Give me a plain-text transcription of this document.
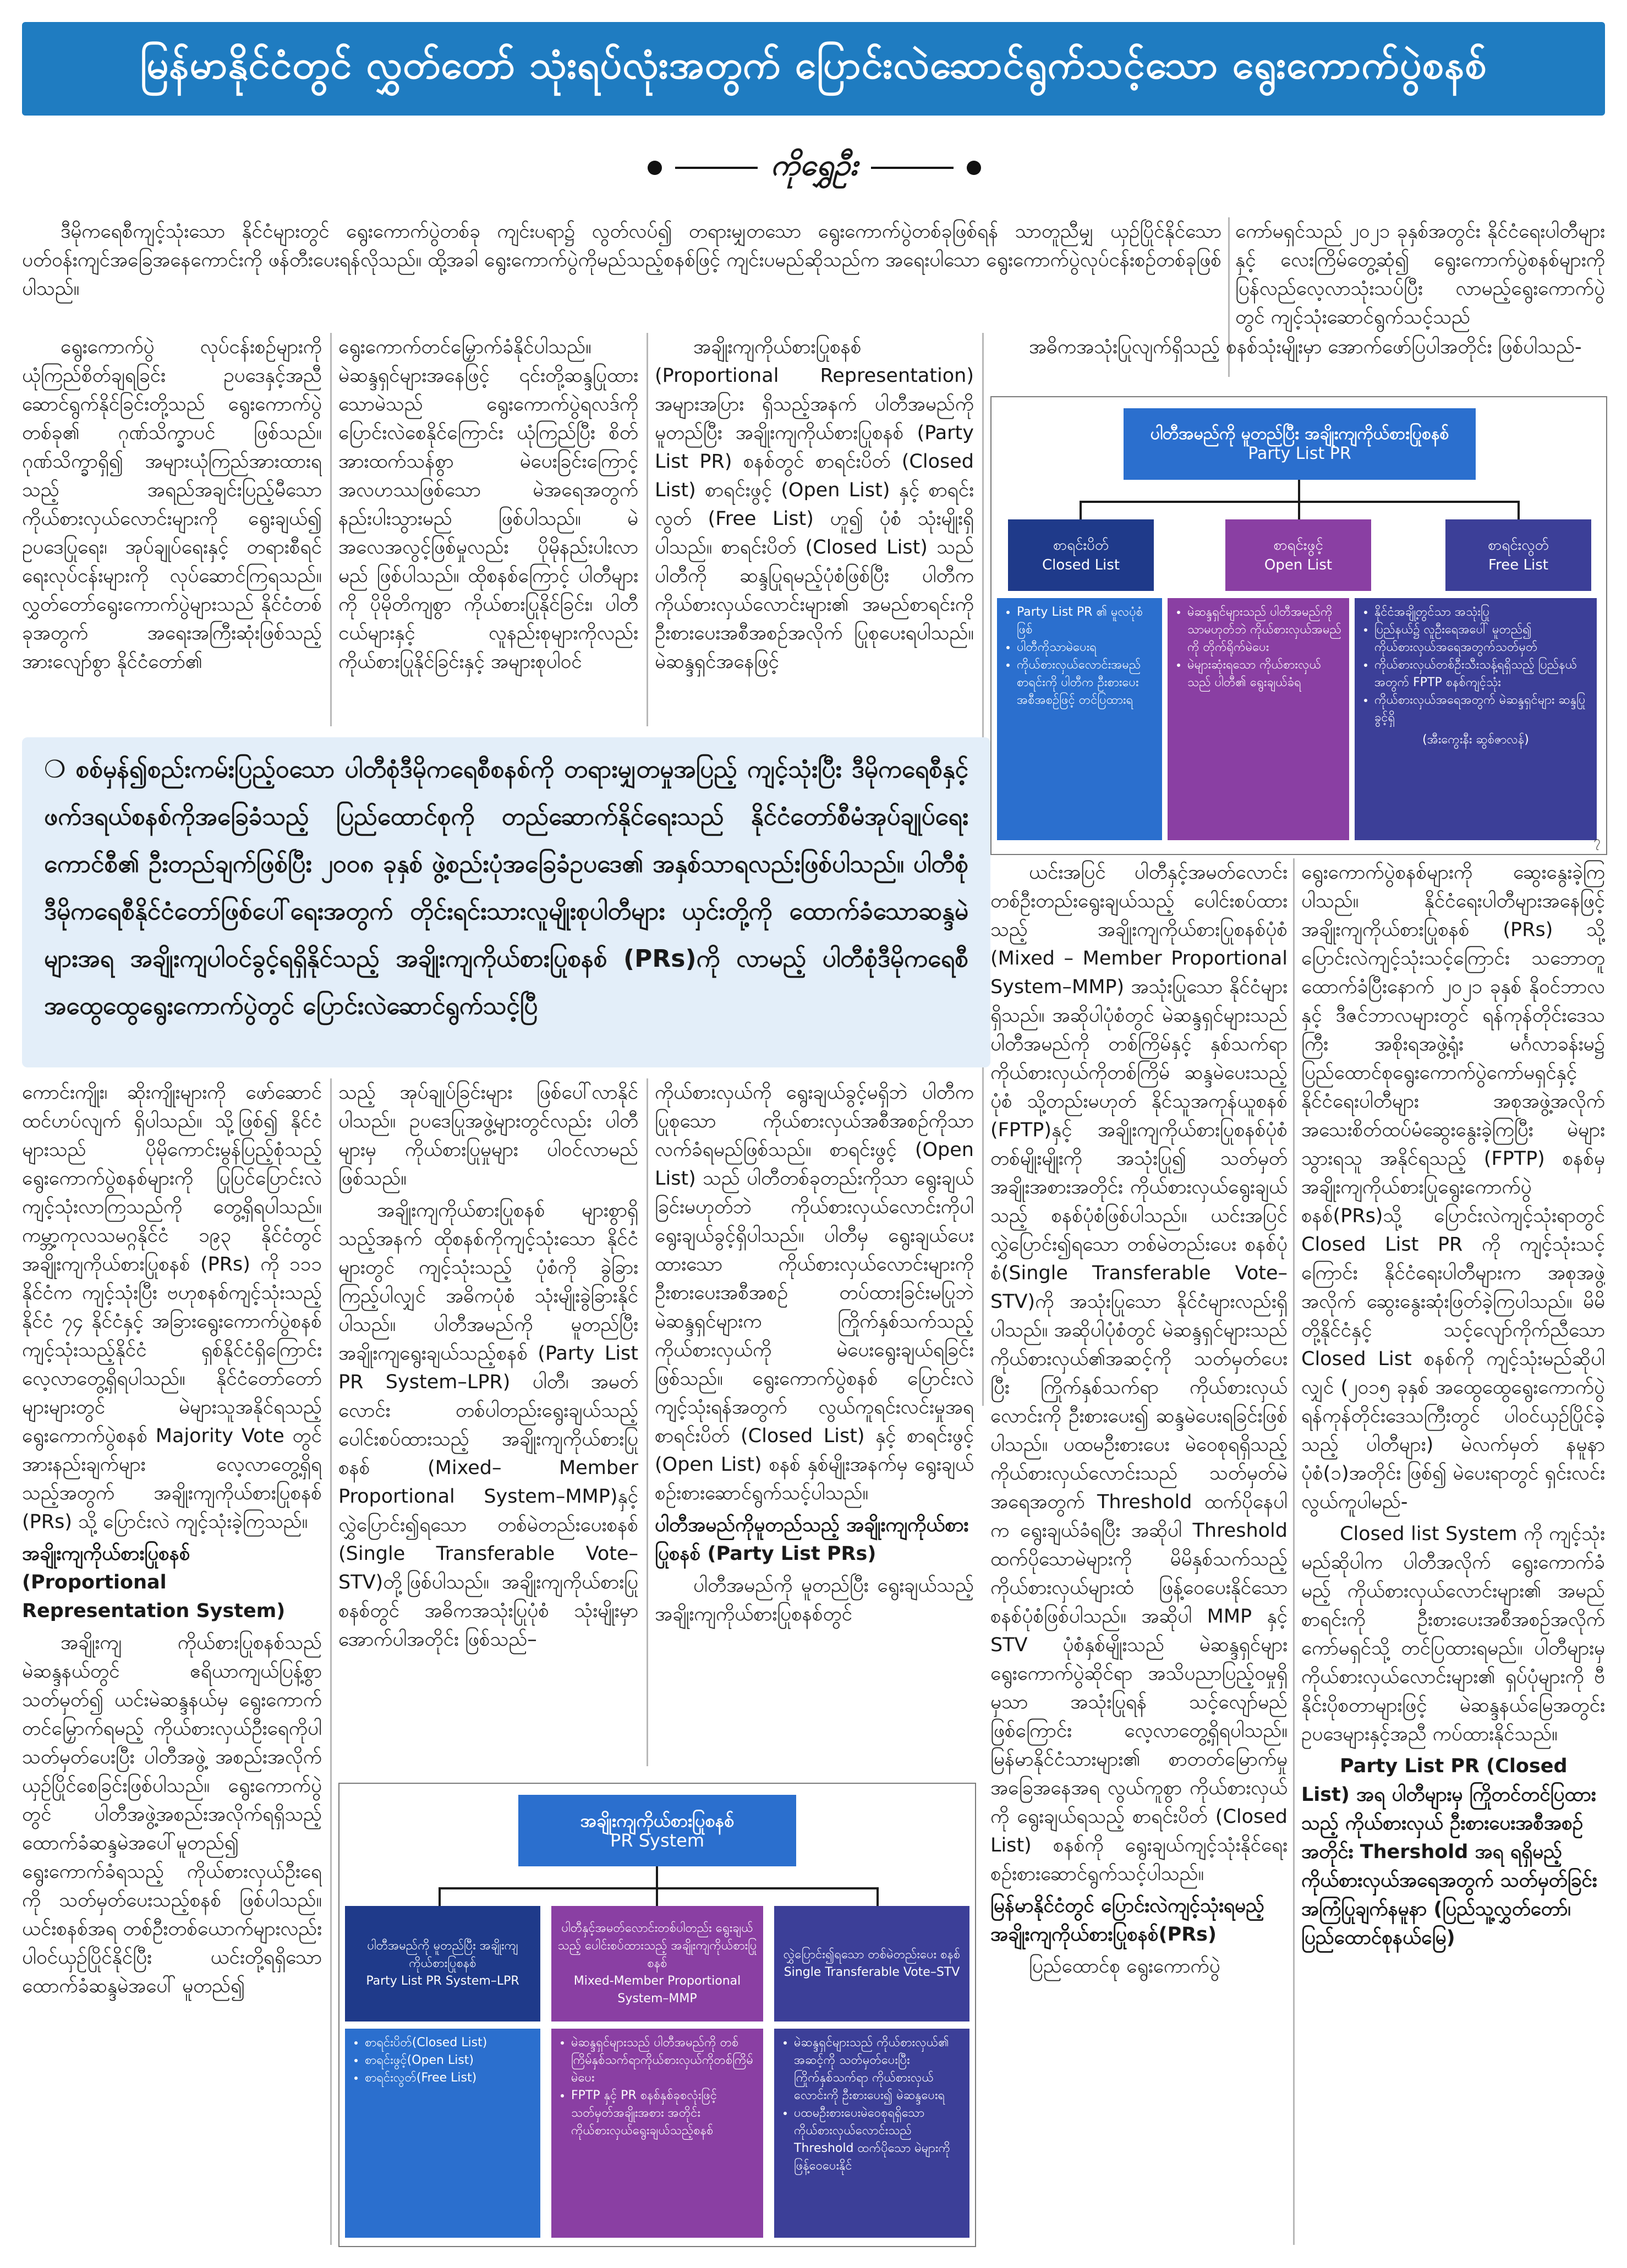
မြန်မာနိုင်ငံတွင် လွှတ်တော် သုံးရပ်လုံးအတွက် ပြောင်းလဲဆောင်ရွက်သင့်သော ရွေးကောက်ပွဲစနစ်
ကိုရွှေဦး

ဒီမိုကရေစီကျင့်သုံးသော နိုင်ငံများတွင် ရွေးကောက်ပွဲတစ်ခု ကျင်းပရာ၌ လွတ်လပ်၍ တရားမျှတသော ရွေးကောက်ပွဲတစ်ခုဖြစ်ရန် သာတူညီမျှ ယှဉ်ပြိုင်နိုင်သော ပတ်ဝန်းကျင်အခြေအနေကောင်းကို ဖန်တီးပေးရန်လိုသည်။ ထို့အခါ ရွေးကောက်ပွဲကိုမည်သည့်စနစ်ဖြင့် ကျင်းပမည်ဆိုသည်က အရေးပါသော ရွေးကောက်ပွဲလုပ်ငန်းစဉ်တစ်ခုဖြစ်ပါသည်။

ကော်မရှင်သည် ၂၀၂၁ ခုနှစ်အတွင်း နိုင်ငံရေးပါတီများနှင့် လေးကြိမ်တွေ့ဆုံ၍ ရွေးကောက်ပွဲစနစ်များကို ပြန်လည်လေ့လာသုံးသပ်ပြီး လာမည့်ရွေးကောက်ပွဲတွင် ကျင့်သုံးဆောင်ရွက်သင့်သည်

ရွေးကောက်ပွဲ လုပ်ငန်းစဉ်များကို ယုံကြည်စိတ်ချရခြင်း ဥပဒေနှင့်အညီ ဆောင်ရွက်နိုင်ခြင်းတို့သည် ရွေးကောက်ပွဲတစ်ခု၏ ဂုဏ်သိက္ခာပင် ဖြစ်သည်။ ဂုဏ်သိက္ခာရှိ၍ အများယုံကြည်အားထားရသည့် အရည်အချင်းပြည့်မီသော ကိုယ်စားလှယ်လောင်းများကို ရွေးချယ်၍ ဥပဒေပြုရေး၊ အုပ်ချုပ်ရေးနှင့် တရားစီရင်ရေးလုပ်ငန်းများကို လုပ်ဆောင်ကြရသည်။ လွှတ်တော်ရွေးကောက်ပွဲများသည် နိုင်ငံတစ်ခုအတွက် အရေးအကြီးဆုံးဖြစ်သည့်အားလျော်စွာ နိုင်ငံတော်၏

ရွေးကောက်တင်မြှောက်ခံနိုင်ပါသည်။ မဲဆန္ဒရှင်များအနေဖြင့် ၎င်းတို့ဆန္ဒပြုထားသောမဲသည် ရွေးကောက်ပွဲရလဒ်ကို ပြောင်းလဲစေနိုင်ကြောင်း ယုံကြည်ပြီး စိတ်အားထက်သန်စွာ မဲပေးခြင်းကြောင့် အလဟဿဖြစ်သော မဲအရေအတွက် နည်းပါးသွားမည် ဖြစ်ပါသည်။ မဲအလေအလွင့်ဖြစ်မှုလည်း ပိုမိုနည်းပါးလာမည် ဖြစ်ပါသည်။ ထိုစနစ်ကြောင့် ပါတီများကို ပိုမိုတိကျစွာ ကိုယ်စားပြုနိုင်ခြင်း၊ ပါတီငယ်များနှင့် လူနည်းစုများကိုလည်း ကိုယ်စားပြုနိုင်ခြင်းနှင့် အများစုပါဝင်

အချိုးကျကိုယ်စားပြုစနစ် (Proportional Representation) အများအပြား ရှိသည့်အနက် ပါတီအမည်ကို မူတည်ပြီး အချိုးကျကိုယ်စားပြုစနစ် (Party List PR) စနစ်တွင် စာရင်းပိတ် (Closed List) စာရင်းဖွင့် (Open List) နှင့် စာရင်းလွတ် (Free List) ဟူ၍ ပုံစံ သုံးမျိုးရှိပါသည်။ စာရင်းပိတ် (Closed List) သည် ပါတီကို ဆန္ဒပြုရမည့်ပုံစံဖြစ်ပြီး ပါတီက ကိုယ်စားလှယ်လောင်းများ၏ အမည်စာရင်းကို ဦးစားပေးအစီအစဉ်အလိုက် ပြုစုပေးရပါသည်။ မဲဆန္ဒရှင်အနေဖြင့်

အဓိကအသုံးပြုလျက်ရှိသည့် စနစ်သုံးမျိုးမှာ အောက်ဖော်ပြပါအတိုင်း ဖြစ်ပါသည်-

ပါတီအမည်ကို မူတည်ပြီး အချိုးကျကိုယ်စားပြုစနစ်
Party List PR
စာရင်းပိတ်
Closed List
စာရင်းဖွင့်
Open List
စာရင်းလွတ်
Free List
• Party List PR ၏ မူလပုံစံဖြစ်
• ပါတီကိုသာမဲပေးရ
• ကိုယ်စားလှယ်လောင်းအမည်စာရင်းကို ပါတီက ဦးစားပေးအစီအစဉ်ဖြင့် တင်ပြထားရ
• မဲဆန္ဒရှင်များသည် ပါတီအမည်ကိုသာမဟုတ်ဘဲ ကိုယ်စားလှယ်အမည်ကို တိုက်ရိုက်မဲပေး
• မဲများဆုံးရသော ကိုယ်စားလှယ်သည် ပါတီ၏ ရွေးချယ်ခံရ
• နိုင်ငံအချို့တွင်သာ အသုံးပြု
• ပြည်နယ်၌ လူဦးရေအပေါ် မူတည်၍ ကိုယ်စားလှယ်အရေအတွက်သတ်မှတ်
• ကိုယ်စားလှယ်တစ်ဦးသီးသန့်ရရှိသည့် ပြည်နယ်အတွက် FPTP စနစ်ကျင့်သုံး
• ကိုယ်စားလှယ်အရေအတွက် မဲဆန္ဒရှင်များ ဆန္ဒပြုခွင့်ရှိ
(အီးကွေးနီး ဆွစ်ဇာလန်)
၇
❍ စစ်မှန်၍စည်းကမ်းပြည့်ဝသော ပါတီစုံဒီမိုကရေစီစနစ်ကို တရားမျှတမှုအပြည့် ကျင့်သုံးပြီး ဒီမိုကရေစီနှင့် ဖက်ဒရယ်စနစ်ကိုအခြေခံသည့် ပြည်ထောင်စုကို တည်ဆောက်နိုင်ရေးသည် နိုင်ငံတော်စီမံအုပ်ချုပ်ရေးကောင်စီ၏ ဦးတည်ချက်ဖြစ်ပြီး ၂၀၀၈ ခုနှစ် ဖွဲ့စည်းပုံအခြေခံဥပဒေ၏ အနှစ်သာရလည်းဖြစ်ပါသည်။ ပါတီစုံ ဒီမိုကရေစီနိုင်ငံတော်ဖြစ်ပေါ်ရေးအတွက် တိုင်းရင်းသားလူမျိုးစုပါတီများ ယှင်းတို့ကို ထောက်ခံသောဆန္ဒမဲများအရ အချိုးကျပါဝင်ခွင့်ရရှိနိုင်သည့် အချိုးကျကိုယ်စားပြုစနစ် (PRs)ကို လာမည့် ပါတီစုံဒီမိုကရေစီအထွေထွေရွေးကောက်ပွဲတွင် ပြောင်းလဲဆောင်ရွက်သင့်ပြီ

ယင်းအပြင် ပါတီနှင့်အမတ်လောင်းတစ်ဦးတည်းရွေးချယ်သည့် ပေါင်းစပ်ထားသည့် အချိုးကျကိုယ်စားပြုစနစ်ပုံစံ (Mixed – Member Proportional System–MMP) အသုံးပြုသော နိုင်ငံများရှိသည်။ အဆိုပါပုံစံတွင် မဲဆန္ဒရှင်များသည် ပါတီအမည်ကို တစ်ကြိမ်နှင့် နှစ်သက်ရာ ကိုယ်စားလှယ်ကိုတစ်ကြိမ် ဆန္ဒမဲပေးသည့်ပုံစံ သို့တည်းမဟုတ် နိုင်သူအကုန်ယူစနစ် (FPTP)နှင့် အချိုးကျကိုယ်စားပြုစနစ်ပုံစံ တစ်မျိုးမျိုးကို အသုံးပြု၍ သတ်မှတ်အချိုးအစားအတိုင်း ကိုယ်စားလှယ်ရွေးချယ်သည့် စနစ်ပုံစံဖြစ်ပါသည်။ ယင်းအပြင် လွှဲပြောင်း၍ရသော တစ်မဲတည်းပေး စနစ်ပုံစံ(Single Transferable Vote–STV)ကို အသုံးပြုသော နိုင်ငံများလည်းရှိပါသည်။ အဆိုပါပုံစံတွင် မဲဆန္ဒရှင်များသည် ကိုယ်စားလှယ်၏အဆင့်ကို သတ်မှတ်ပေးပြီး ကြိုက်နှစ်သက်ရာ ကိုယ်စားလှယ်လောင်းကို ဦးစားပေး၍ ဆန္ဒမဲပေးရခြင်းဖြစ်ပါသည်။ ပထမဦးစားပေး မဲဝေစုရရှိသည့် ကိုယ်စားလှယ်လောင်းသည် သတ်မှတ်မဲအရေအတွက် Threshold ထက်ပိုနေပါက ရွေးချယ်ခံရပြီး အဆိုပါ Threshold ထက်ပိုသောမဲများကို မိမိနှစ်သက်သည့် ကိုယ်စားလှယ်များထံ ဖြန့်ဝေပေးနိုင်သော စနစ်ပုံစံဖြစ်ပါသည်။ အဆိုပါ MMP နှင့် STV ပုံစံနှစ်မျိုးသည် မဲဆန္ဒရှင်များ ရွေးကောက်ပွဲဆိုင်ရာ အသိပညာပြည့်ဝမှုရှိမှသာ အသုံးပြုရန် သင့်လျော်မည်ဖြစ်ကြောင်း လေ့လာတွေ့ရှိရပါသည်။ မြန်မာနိုင်ငံသားများ၏ စာတတ်မြောက်မှုအခြေအနေအရ လွယ်ကူစွာ ကိုယ်စားလှယ်ကို ရွေးချယ်ရသည့် စာရင်းပိတ် (Closed List) စနစ်ကို ရွေးချယ်ကျင့်သုံးနိုင်ရေး စဉ်းစားဆောင်ရွက်သင့်ပါသည်။

မြန်မာနိုင်ငံတွင် ပြောင်းလဲကျင့်သုံးရမည့် အချိုးကျကိုယ်စားပြုစနစ်(PRs)

ပြည်ထောင်စု ရွေးကောက်ပွဲ

ရွေးကောက်ပွဲစနစ်များကို ဆွေးနွေးခဲ့ကြပါသည်။ နိုင်ငံရေးပါတီများအနေဖြင့် အချိုးကျကိုယ်စားပြုစနစ် (PRs) သို့ ပြောင်းလဲကျင့်သုံးသင့်ကြောင်း သဘောတူထောက်ခံပြီးနောက် ၂၀၂၁ ခုနှစ် နိုဝင်ဘာလနှင့် ဒီဇင်ဘာလများတွင် ရန်ကုန်တိုင်းဒေသကြီး အစိုးရအဖွဲ့ရုံး မင်္ဂလာခန်းမ၌ ပြည်ထောင်စုရွေးကောက်ပွဲကော်မရှင်နှင့် နိုင်ငံရေးပါတီများ အစုအဖွဲ့အလိုက် အသေးစိတ်ထပ်မံဆွေးနွေးခဲ့ကြပြီး မဲများသွားရသူ အနိုင်ရသည့် (FPTP) စနစ်မှ အချိုးကျကိုယ်စားပြုရွေးကောက်ပွဲစနစ်(PRs)သို့ ပြောင်းလဲကျင့်သုံးရာတွင် Closed List PR ကို ကျင့်သုံးသင့်ကြောင်း နိုင်ငံရေးပါတီများက အစုအဖွဲ့အလိုက် ဆွေးနွေးဆုံးဖြတ်ခဲ့ကြပါသည်။ မိမိတို့နိုင်ငံနှင့် သင့်လျော်ကိုက်ညီသော Closed List စနစ်ကို ကျင့်သုံးမည်ဆိုပါလျှင် (၂၀၁၅ ခုနှစ် အထွေထွေရွေးကောက်ပွဲ ရန်ကုန်တိုင်းဒေသကြီးတွင် ပါဝင်ယှဉ်ပြိုင်ခဲ့သည့် ပါတီများ) မဲလက်မှတ် နမူနာပုံစံ(၁)အတိုင်း ဖြစ်၍ မဲပေးရာတွင် ရှင်းလင်းလွယ်ကူပါမည်-

Closed list System ကို ကျင့်သုံးမည်ဆိုပါက ပါတီအလိုက် ရွေးကောက်ခံမည့် ကိုယ်စားလှယ်လောင်းများ၏ အမည်စာရင်းကို ဦးစားပေးအစီအစဉ်အလိုက် ကော်မရှင်သို့ တင်ပြထားရမည်။ ပါတီများမှ ကိုယ်စားလှယ်လောင်းများ၏ ရှပ်ပုံများကို ဗီနိုင်းပိုစတာများဖြင့် မဲဆန္ဒနယ်မြေအတွင်း ဥပဒေများနှင့်အညီ ကပ်ထားနိုင်သည်။

Party List PR (Closed List) အရ ပါတီများမှ ကြိုတင်တင်ပြထားသည့် ကိုယ်စားလှယ် ဦးစားပေးအစီအစဉ်အတိုင်း Thershold အရ ရရှိမည့် ကိုယ်စားလှယ်အရေအတွက် သတ်မှတ်ခြင်း အကြံပြုချက်နမူနာ (ပြည်သူ့လွှတ်တော်၊ ပြည်ထောင်စုနယ်မြေ)

ကောင်းကျိုး၊ ဆိုးကျိုးများကို ဖော်ဆောင်ထင်ဟပ်လျက် ရှိပါသည်။ သို့ဖြစ်၍ နိုင်ငံများသည် ပိုမိုကောင်းမွန်ပြည့်စုံသည့် ရွေးကောက်ပွဲစနစ်များကို ပြုပြင်ပြောင်းလဲကျင့်သုံးလာကြသည်ကို တွေ့ရှိရပါသည်။ ကမ္ဘာ့ကုလသမဂ္ဂနိုင်ငံ ၁၉၃ နိုင်ငံတွင် အချိုးကျကိုယ်စားပြုစနစ် (PRs) ကို ၁၁၁ နိုင်ငံက ကျင့်သုံးပြီး ဗဟုစနစ်ကျင့်သုံးသည့် နိုင်ငံ ၇၄ နိုင်ငံနှင့် အခြားရွေးကောက်ပွဲစနစ် ကျင့်သုံးသည့်နိုင်ငံ ရှစ်နိုင်ငံရှိကြောင်း လေ့လာတွေ့ရှိရပါသည်။ နိုင်ငံတော်တော်များများတွင် မဲများသူအနိုင်ရသည့် ရွေးကောက်ပွဲစနစ် Majority Vote တွင် အားနည်းချက်များ လေ့လာတွေ့ရှိရသည့်အတွက် အချိုးကျကိုယ်စားပြုစနစ် (PRs) သို့ ပြောင်းလဲ ကျင့်သုံးခဲ့ကြသည်။

အချိုးကျကိုယ်စားပြုစနစ် (Proportional Representation System)

အချိုးကျ ကိုယ်စားပြုစနစ်သည် မဲဆန္ဒနယ်တွင် ဧရိယာကျယ်ပြန့်စွာ သတ်မှတ်၍ ယင်းမဲဆန္ဒနယ်မှ ရွေးကောက်တင်မြှောက်ရမည့် ကိုယ်စားလှယ်ဦးရေကိုပါ သတ်မှတ်ပေးပြီး ပါတီအဖွဲ့ အစည်းအလိုက် ယှဉ်ပြိုင်စေခြင်းဖြစ်ပါသည်။ ရွေးကောက်ပွဲတွင် ပါတီအဖွဲ့အစည်းအလိုက်ရရှိသည့် ထောက်ခံဆန္ဒမဲအပေါ်မူတည်၍ ရွေးကောက်ခံရသည့် ကိုယ်စားလှယ်ဦးရေကို သတ်မှတ်ပေးသည့်စနစ် ဖြစ်ပါသည်။ ယင်းစနစ်အရ တစ်ဦးတစ်ယောက်များလည်း ပါဝင်ယှဉ်ပြိုင်နိုင်ပြီး ယင်းတို့ရရှိသော ထောက်ခံဆန္ဒမဲအပေါ် မူတည်၍

သည့် အုပ်ချုပ်ခြင်းများ ဖြစ်ပေါ်လာနိုင်ပါသည်။ ဥပဒေပြုအဖွဲ့များတွင်လည်း ပါတီများမှ ကိုယ်စားပြုမှုများ ပါဝင်လာမည်ဖြစ်သည်။

အချိုးကျကိုယ်စားပြုစနစ် များစွာရှိသည့်အနက် ထိုစနစ်ကိုကျင့်သုံးသော နိုင်ငံများတွင် ကျင့်သုံးသည့် ပုံစံကို ခွဲခြားကြည့်ပါလျှင် အဓိကပုံစံ သုံးမျိုးခွဲခြားနိုင်ပါသည်။ ပါတီအမည်ကို မူတည်ပြီး အချိုးကျရွေးချယ်သည့်စနစ် (Party List PR System–LPR) ပါတီ၊ အမတ်လောင်း တစ်ပါတည်းရွေးချယ်သည့် ပေါင်းစပ်ထားသည့် အချိုးကျကိုယ်စားပြုစနစ် (Mixed– Member Proportional System–MMP)နှင့် လွှဲပြောင်း၍ရသော တစ်မဲတည်းပေးစနစ် (Single Transferable Vote–STV)တို့ဖြစ်ပါသည်။ အချိုးကျကိုယ်စားပြုစနစ်တွင် အဓိကအသုံးပြုပုံစံ သုံးမျိုးမှာ အောက်ပါအတိုင်း ဖြစ်သည်–

ကိုယ်စားလှယ်ကို ရွေးချယ်ခွင့်မရှိဘဲ ပါတီကပြုစုသော ကိုယ်စားလှယ်အစီအစဉ်ကိုသာ လက်ခံရမည်ဖြစ်သည်။ စာရင်းဖွင့် (Open List) သည် ပါတီတစ်ခုတည်းကိုသာ ရွေးချယ်ခြင်းမဟုတ်ဘဲ ကိုယ်စားလှယ်လောင်းကိုပါ ရွေးချယ်ခွင့်ရှိပါသည်။ ပါတီမှ ရွေးချယ်ပေးထားသော ကိုယ်စားလှယ်လောင်းများကို ဦးစားပေးအစီအစဉ် တပ်ထားခြင်းမပြုဘဲ မဲဆန္ဒရှင်များက ကြိုက်နှစ်သက်သည့် ကိုယ်စားလှယ်ကို မဲပေးရွေးချယ်ရခြင်းဖြစ်သည်။ ရွေးကောက်ပွဲစနစ် ပြောင်းလဲကျင့်သုံးရန်အတွက် လွယ်ကူရင်းလင်းမှုအရ စာရင်းပိတ် (Closed List) နှင့် စာရင်းဖွင့် (Open List) စနစ် နှစ်မျိုးအနက်မှ ရွေးချယ်စဉ်းစားဆောင်ရွက်သင့်ပါသည်။

ပါတီအမည်ကိုမူတည်သည့် အချိုးကျကိုယ်စားပြုစနစ် (Party List PRs)

ပါတီအမည်ကို မူတည်ပြီး ရွေးချယ်သည့် အချိုးကျကိုယ်စားပြုစနစ်တွင်

အချိုးကျကိုယ်စားပြုစနစ်
PR System
ပါတီအမည်ကို မူတည်ပြီး အချိုးကျကိုယ်စားပြုစနစ်
Party List PR System–LPR
ပါတီနှင့်အမတ်လောင်းတစ်ပါတည်း ရွေးချယ်သည့် ပေါင်းစပ်ထားသည့် အချိုးကျကိုယ်စားပြုစနစ်
Mixed-Member Proportional System–MMP
လွှဲပြောင်း၍ရသော တစ်မဲတည်းပေး စနစ်
Single Transferable Vote–STV
• စာရင်းပိတ်(Closed List)
• စာရင်းဖွင့်(Open List)
• စာရင်းလွတ်(Free List)
• မဲဆန္ဒရှင်များသည် ပါတီအမည်ကို တစ်ကြိမ်နှစ်သက်ရာကိုယ်စားလှယ်ကိုတစ်ကြိမ် မဲပေး
• FPTP နှင့် PR စနစ်နှစ်ခုစလုံးဖြင့် သတ်မှတ်အချိုးအစား အတိုင်း ကိုယ်စားလှယ်ရွေးချယ်သည့်စနစ်
• မဲဆန္ဒရှင်များသည် ကိုယ်စားလှယ်၏ အဆင့်ကို သတ်မှတ်ပေးပြီး ကြိုက်နှစ်သက်ရာ ကိုယ်စားလှယ်လောင်းကို ဦးစားပေး၍ မဲဆန္ဒပေးရ
• ပထမဦးစားပေးမဲဝေစုရရှိသော ကိုယ်စားလှယ်လောင်းသည် Threshold ထက်ပိုသော မဲများကို ဖြန့်ဝေပေးနိုင်
